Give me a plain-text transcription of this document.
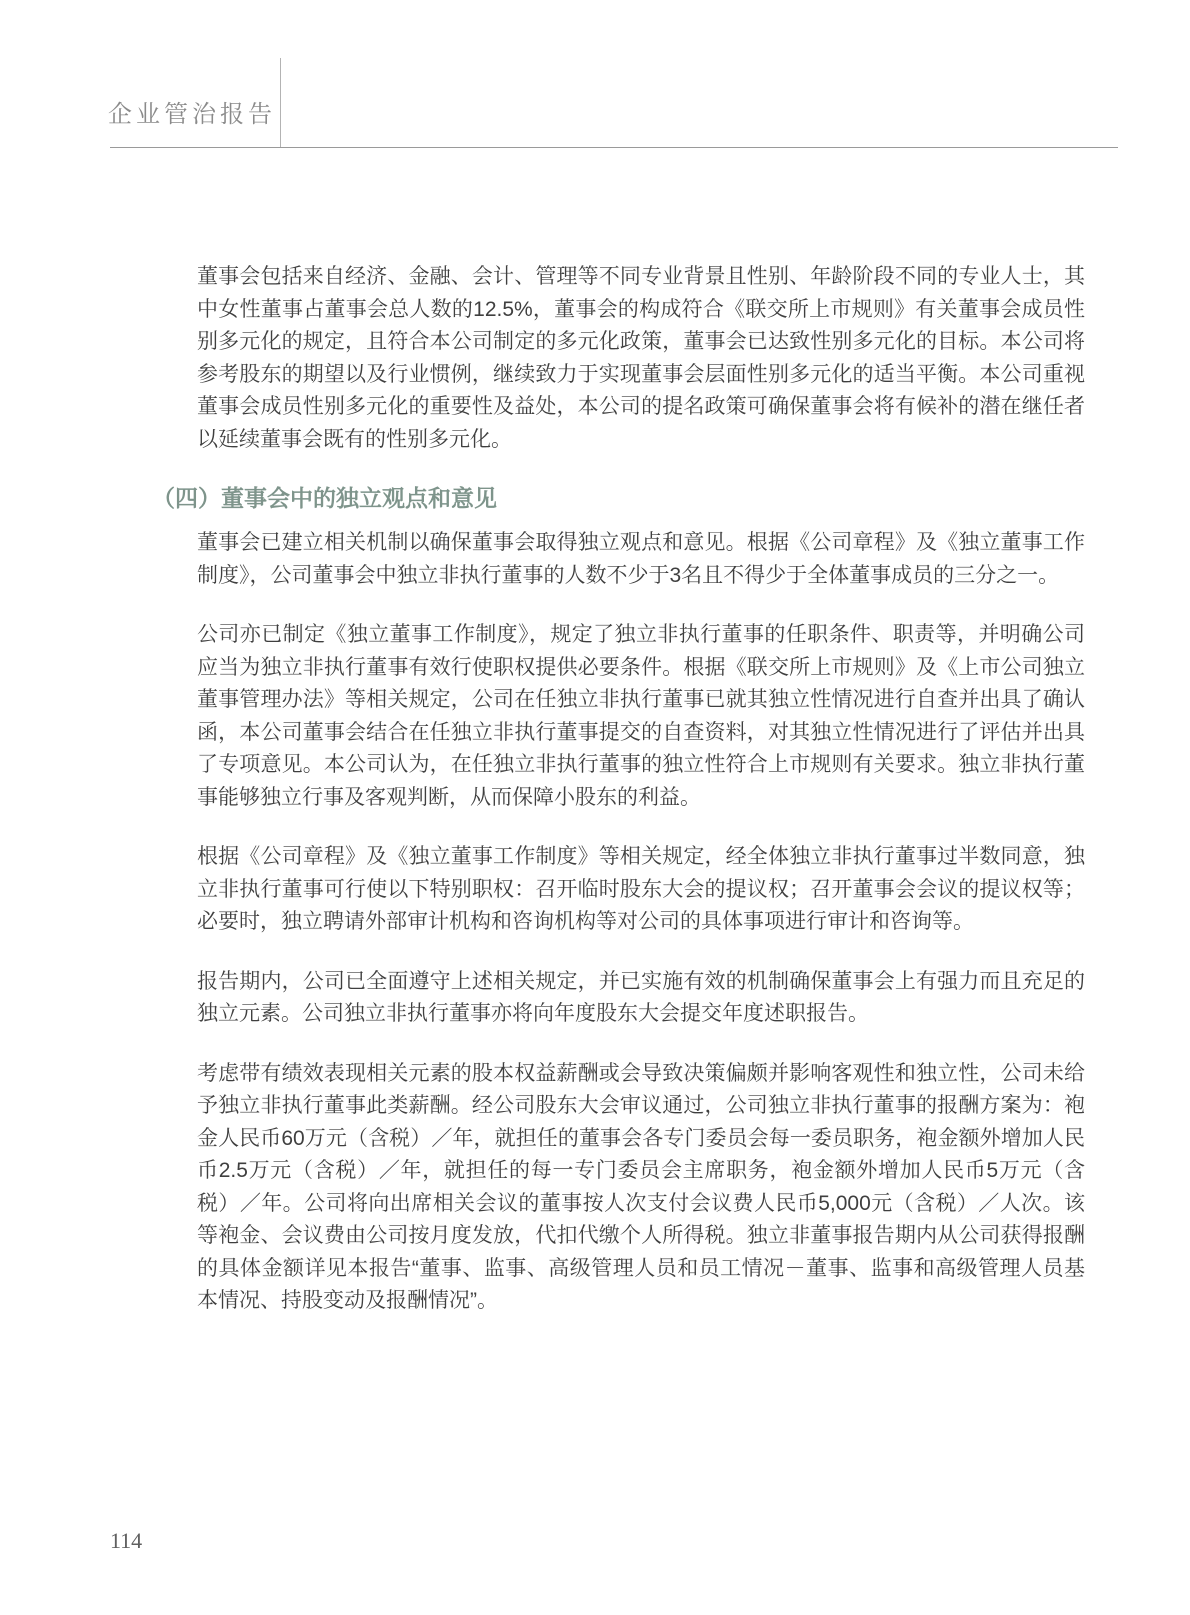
企业管治报告

董事会包括来自经济、金融、会计、管理等不同专业背景且性别、年龄阶段不同的专业人士，其中女性董事占董事会总人数的12.5%，董事会的构成符合《联交所上市规则》有关董事会成员性别多元化的规定，且符合本公司制定的多元化政策，董事会已达致性别多元化的目标。本公司将参考股东的期望以及行业惯例，继续致力于实现董事会层面性别多元化的适当平衡。本公司重视董事会成员性别多元化的重要性及益处，本公司的提名政策可确保董事会将有候补的潜在继任者以延续董事会既有的性别多元化。

（四）董事会中的独立观点和意见

董事会已建立相关机制以确保董事会取得独立观点和意见。根据《公司章程》及《独立董事工作制度》，公司董事会中独立非执行董事的人数不少于3名且不得少于全体董事成员的三分之一。

公司亦已制定《独立董事工作制度》，规定了独立非执行董事的任职条件、职责等，并明确公司应当为独立非执行董事有效行使职权提供必要条件。根据《联交所上市规则》及《上市公司独立董事管理办法》等相关规定，公司在任独立非执行董事已就其独立性情况进行自查并出具了确认函，本公司董事会结合在任独立非执行董事提交的自查资料，对其独立性情况进行了评估并出具了专项意见。本公司认为，在任独立非执行董事的独立性符合上市规则有关要求。独立非执行董事能够独立行事及客观判断，从而保障小股东的利益。

根据《公司章程》及《独立董事工作制度》等相关规定，经全体独立非执行董事过半数同意，独立非执行董事可行使以下特别职权：召开临时股东大会的提议权；召开董事会会议的提议权等；必要时，独立聘请外部审计机构和咨询机构等对公司的具体事项进行审计和咨询等。

报告期内，公司已全面遵守上述相关规定，并已实施有效的机制确保董事会上有强力而且充足的独立元素。公司独立非执行董事亦将向年度股东大会提交年度述职报告。

考虑带有绩效表现相关元素的股本权益薪酬或会导致决策偏颇并影响客观性和独立性，公司未给予独立非执行董事此类薪酬。经公司股东大会审议通过，公司独立非执行董事的报酬方案为：袍金人民币60万元（含税）／年，就担任的董事会各专门委员会每一委员职务，袍金额外增加人民币2.5万元（含税）／年，就担任的每一专门委员会主席职务，袍金额外增加人民币5万元（含税）／年。公司将向出席相关会议的董事按人次支付会议费人民币5,000元（含税）／人次。该等袍金、会议费由公司按月度发放，代扣代缴个人所得税。独立非董事报告期内从公司获得报酬的具体金额详见本报告“董事、监事、高级管理人员和员工情况－董事、监事和高级管理人员基本情况、持股变动及报酬情况”。

114
